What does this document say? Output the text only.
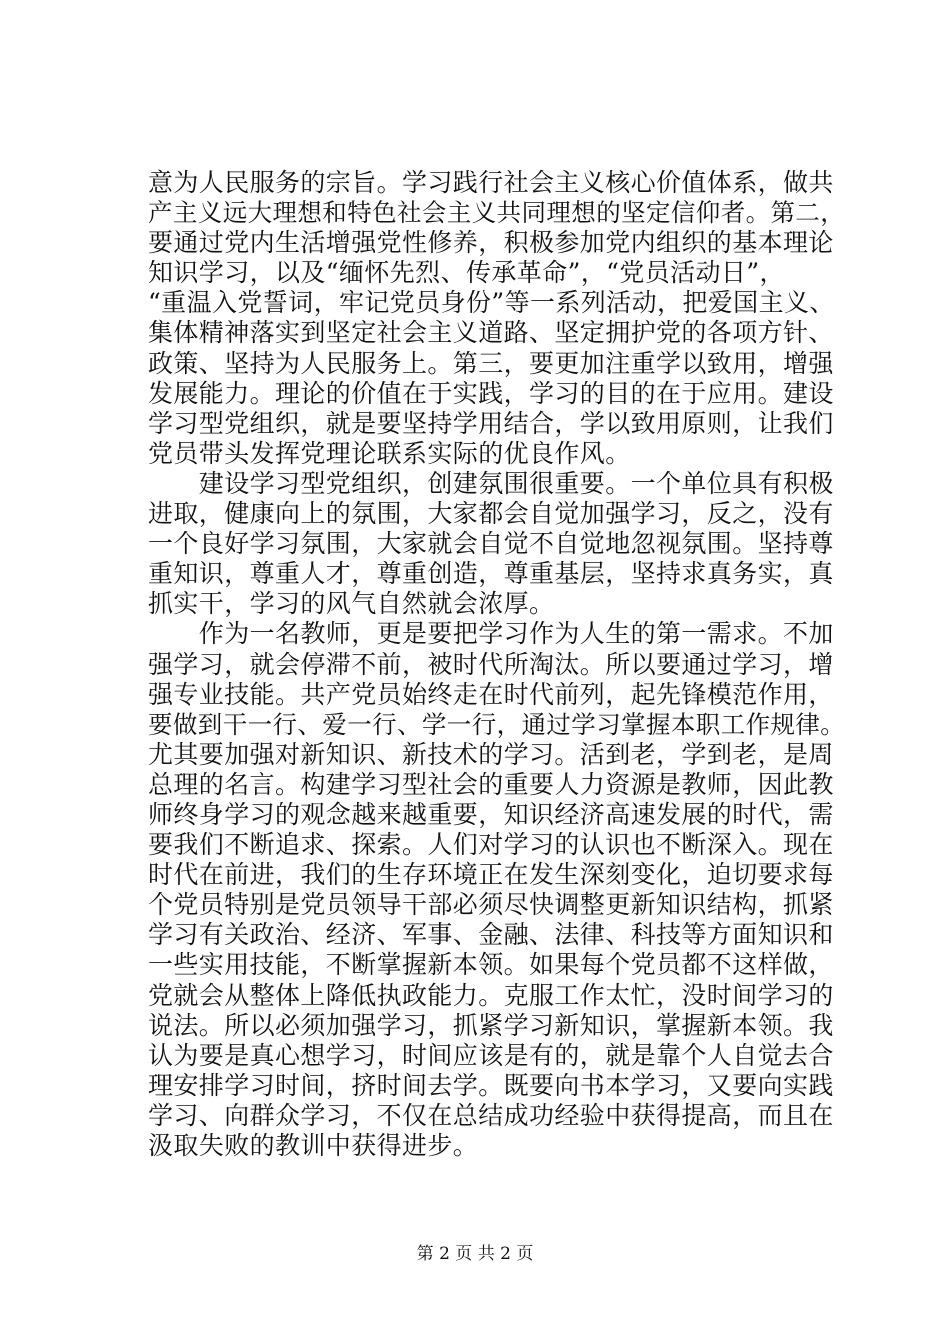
意为人民服务的宗旨。学习践行社会主义核心价值体系，做共
产主义远大理想和特色社会主义共同理想的坚定信仰者。第二，
要通过党内生活增强党性修养，积极参加党内组织的基本理论
知识学习，以及“缅怀先烈、传承革命”，“党员活动日”，
“重温入党誓词，牢记党员身份”等一系列活动，把爱国主义、
集体精神落实到坚定社会主义道路、坚定拥护党的各项方针、
政策、坚持为人民服务上。第三，要更加注重学以致用，增强
发展能力。理论的价值在于实践，学习的目的在于应用。建设
学习型党组织，就是要坚持学用结合，学以致用原则，让我们
党员带头发挥党理论联系实际的优良作风。
　　建设学习型党组织，创建氛围很重要。一个单位具有积极
进取，健康向上的氛围，大家都会自觉加强学习，反之，没有
一个良好学习氛围，大家就会自觉不自觉地忽视氛围。坚持尊
重知识，尊重人才，尊重创造，尊重基层，坚持求真务实，真
抓实干，学习的风气自然就会浓厚。
　　作为一名教师，更是要把学习作为人生的第一需求。不加
强学习，就会停滞不前，被时代所淘汰。所以要通过学习，增
强专业技能。共产党员始终走在时代前列，起先锋模范作用，
要做到干一行、爱一行、学一行，通过学习掌握本职工作规律。
尤其要加强对新知识、新技术的学习。活到老，学到老，是周
总理的名言。构建学习型社会的重要人力资源是教师，因此教
师终身学习的观念越来越重要，知识经济高速发展的时代，需
要我们不断追求、探索。人们对学习的认识也不断深入。现在
时代在前进，我们的生存环境正在发生深刻变化，迫切要求每
个党员特别是党员领导干部必须尽快调整更新知识结构，抓紧
学习有关政治、经济、军事、金融、法律、科技等方面知识和
一些实用技能，不断掌握新本领。如果每个党员都不这样做，
党就会从整体上降低执政能力。克服工作太忙，没时间学习的
说法。所以必须加强学习，抓紧学习新知识，掌握新本领。我
认为要是真心想学习，时间应该是有的，就是靠个人自觉去合
理安排学习时间，挤时间去学。既要向书本学习，又要向实践
学习、向群众学习，不仅在总结成功经验中获得提高，而且在
汲取失败的教训中获得进步。
第 2 页 共 2 页
